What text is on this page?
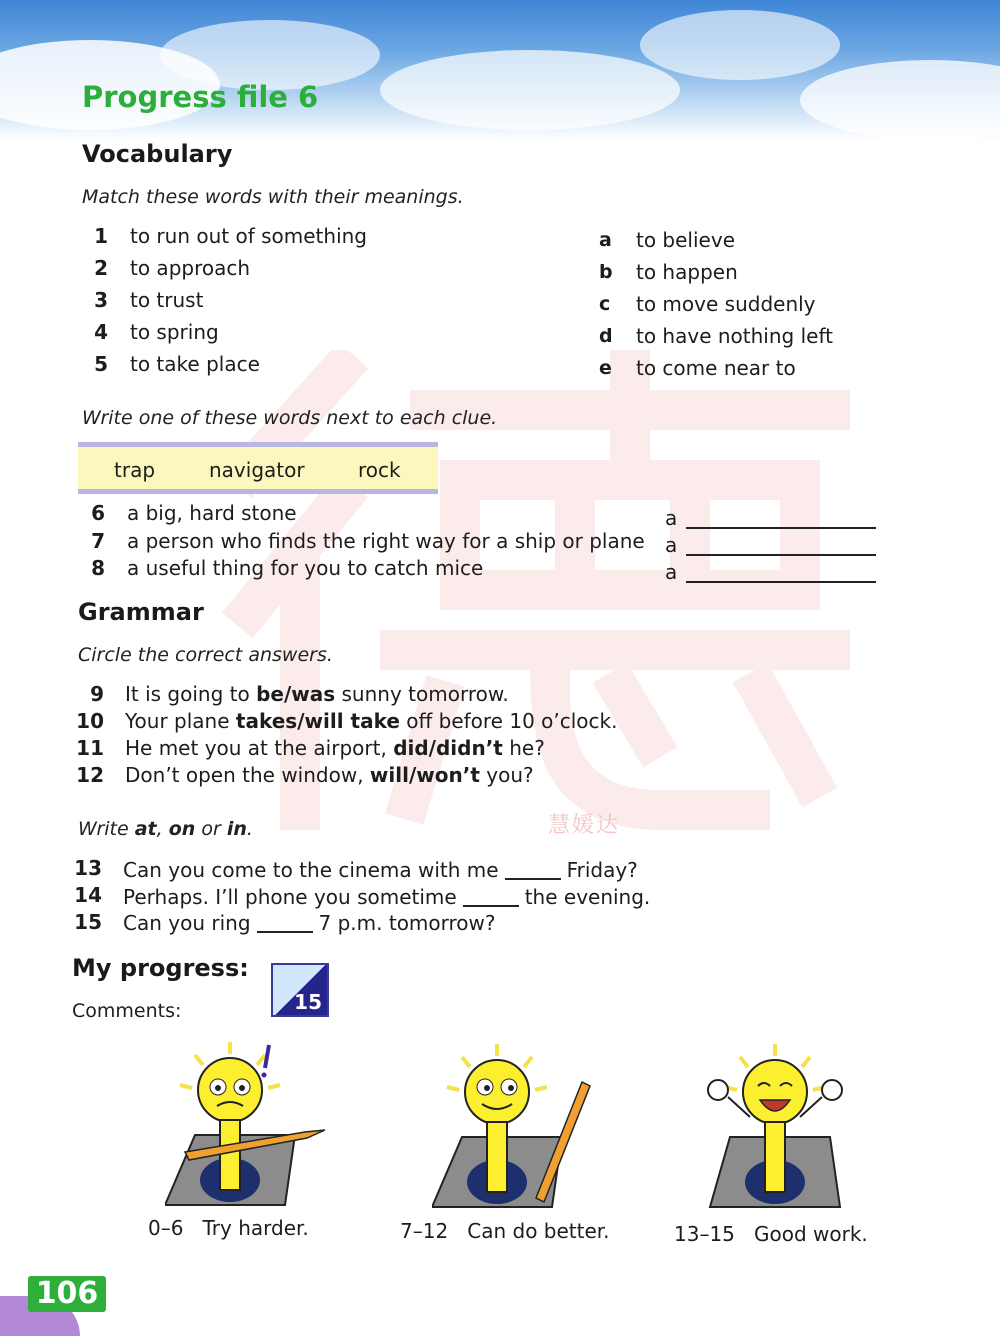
慧媛达
Progress file 6
Vocabulary
Match these words with their meanings.
1 to run out of something
2 to approach
3 to trust
4 to spring
5 to take place
a to believe
b to happen
c to move suddenly
d to have nothing left
e to come near to
Write one of these words next to each clue.
trap	navigator	rock
6 a big, hard stone	a
7 a person who finds the right way for a ship or plane a
8 a useful thing for you to catch mice	a
Grammar
Circle the correct answers.
9 It is going to be/was sunny tomorrow.
10 Your plane takes/will take off before 10 o’clock.
11 He met you at the airport, did/didn’t he?
12 Don’t open the window, will/won’t you?
Write at, on or in.
13 Can you come to the cinema with me	Friday?
14 Perhaps. I’ll phone you sometime	the evening.
15 Can you ring	7 p.m. tomorrow?
My progress:
Comments:	15
0–6 Try harder.	7–12 Can do better.	13–15 Good work.
106
